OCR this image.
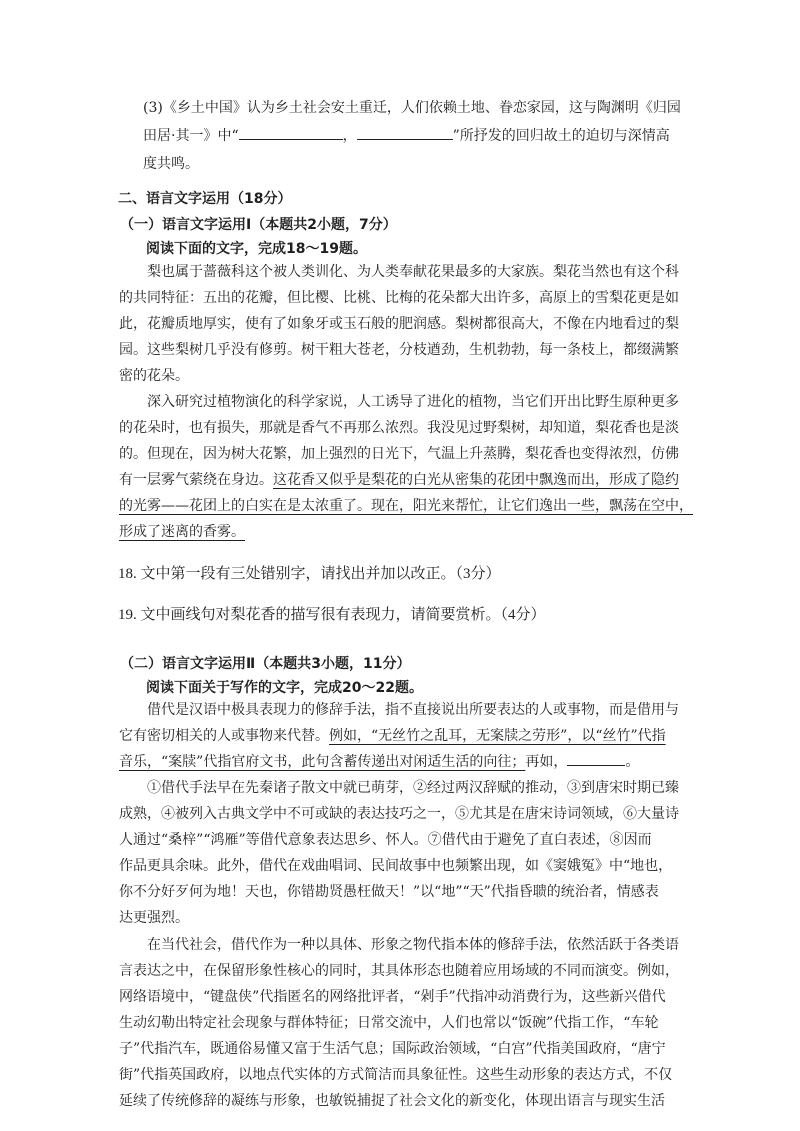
(3)《乡土中国》认为乡土社会安土重迁，人们依赖土地、眷恋家园，这与陶渊明《归园

田居·其一》中“	，	”所抒发的回归故土的迫切与深情高

度共鸣。

二、语言文字运用（18分）

（一）语言文字运用Ⅰ（本题共2小题，7分）

阅读下面的文字，完成18～19题。

梨也属于蔷薇科这个被人类训化、为人类奉献花果最多的大家族。梨花当然也有这个科

的共同特征：五出的花瓣，但比樱、比桃、比梅的花朵都大出许多，高原上的雪梨花更是如

此，花瓣质地厚实，使有了如象牙或玉石般的肥润感。梨树都很高大，不像在内地看过的梨

园。这些梨树几乎没有修剪。树干粗大苍老，分枝遒劲，生机勃勃，每一条枝上，都缀满繁

密的花朵。

深入研究过植物演化的科学家说，人工诱导了进化的植物，当它们开出比野生原种更多

的花朵时，也有损失，那就是香气不再那么浓烈。我没见过野梨树，却知道，梨花香也是淡

的。但现在，因为树大花繁，加上强烈的日光下，气温上升蒸腾，梨花香也变得浓烈，仿佛

有一层雾气萦绕在身边。这花香又似乎是梨花的白光从密集的花团中飘逸而出，形成了隐约

的光雾——花团上的白实在是太浓重了。现在，阳光来帮忙，让它们逸出一些，飘荡在空中，

形成了迷离的香雾。

18. 文中第一段有三处错别字，请找出并加以改正。（3分）

19. 文中画线句对梨花香的描写很有表现力，请简要赏析。（4分）

（二）语言文字运用Ⅱ（本题共3小题，11分）

阅读下面关于写作的文字，完成20～22题。

借代是汉语中极具表现力的修辞手法，指不直接说出所要表达的人或事物，而是借用与

它有密切相关的人或事物来代替。例如，“无丝竹之乱耳，无案牍之劳形”，以“丝竹”代指

音乐，“案牍”代指官府文书，此句含蓄传递出对闲适生活的向往；再如，	。

①借代手法早在先秦诸子散文中就已萌芽，②经过两汉辞赋的推动，③到唐宋时期已臻

成熟，④被列入古典文学中不可或缺的表达技巧之一，⑤尤其是在唐宋诗词领域，⑥大量诗

人通过“桑梓”“鸿雁”等借代意象表达思乡、怀人。⑦借代由于避免了直白表述，⑧因而

作品更具余味。此外，借代在戏曲唱词、民间故事中也频繁出现，如《窦娥冤》中“地也，

你不分好歹何为地！天也，你错勘贤愚枉做天！”以“地”“天”代指昏聩的统治者，情感表

达更强烈。

在当代社会，借代作为一种以具体、形象之物代指本体的修辞手法，依然活跃于各类语

言表达之中，在保留形象性核心的同时，其具体形态也随着应用场域的不同而演变。例如，

网络语境中，“键盘侠”代指匿名的网络批评者，“剁手”代指冲动消费行为，这些新兴借代

生动幻勒出特定社会现象与群体特征；日常交流中，人们也常以“饭碗”代指工作，“车轮

子”代指汽车，既通俗易懂又富于生活气息；国际政治领域，“白宫”代指美国政府，“唐宁

街”代指英国政府，以地点代实体的方式简洁而具象征性。这些生动形象的表达方式，不仅

延续了传统修辞的凝练与形象，也敏锐捕捉了社会文化的新变化，体现出语言与现实生活
